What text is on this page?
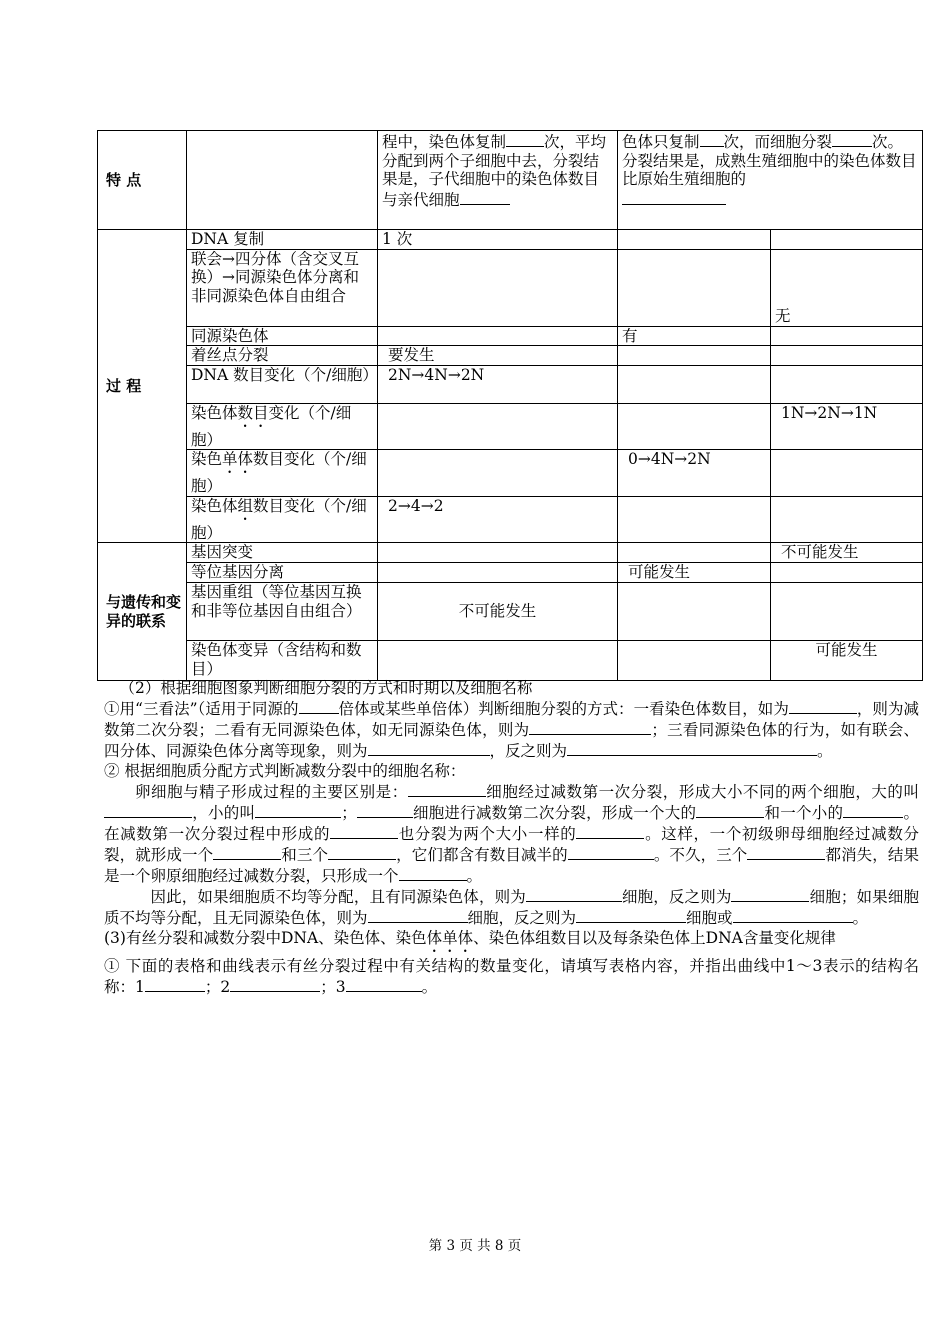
特 点		程中，染色体复制 次，平均分配到两个子细胞中去，分裂结果是，子代细胞中的染色体数目与亲代细胞	色体只复制 次，而细胞分裂 次。分裂结果是，成熟生殖细胞中的染色体数目比原始生殖细胞的	

过 程	DNA 复制	1 次		
	联会→四分体（含交叉互换）→同源染色体分离和非同源染色体自由组合			无
	同源染色体		有	
	着丝点分裂	要发生		
	DNA 数目变化（个/细胞）	2N→4N→2N		
	染色体数目变化（个/细胞）			1N→2N→1N
	染色单体数目变化（个/细胞）		0→4N→2N	
	染色体组数目变化（个/细胞）	2→4→2		
与遗传和变异的联系	基因突变			不可能发生
	等位基因分离		可能发生	
	基因重组（等位基因互换和非等位基因自由组合）	不可能发生		
	染色体变异（含结构和数目）			可能发生

（2）根据细胞图象判断细胞分裂的方式和时期以及细胞名称

①用“三看法”（适用于同源的	倍体或某些单倍体）判断细胞分裂的方式：一看染色体数目，如为	，则为减数第二次分裂；二看有无同源染色体，如无同源染色体，则为	；三看同源染色体的行为，如有联会、四分体、同源染色体分离等现象，则为	，反之则为	。

② 根据细胞质分配方式判断减数分裂中的细胞名称：

卵细胞与精子形成过程的主要区别是：	细胞经过减数第一次分裂，形成大小不同的两个细胞，大的叫，小的叫	；	细胞进行减数第二次分裂，形成一个大的	和一个小的	。在减数第一次分裂过程中形成的	也分裂为两个大小一样的	。这样，一个初级卵母细胞经过减数分裂，就形成一个	和三个	，它们都含有数目减半的	。不久，三个	都消失，结果是一个卵原细胞经过减数分裂，只形成一个	。

因此，如果细胞质不均等分配，且有同源染色体，则为	细胞，反之则为	细胞；如果细胞质不均等分配，且无同源染色体，则为	细胞，反之则为	细胞或	。

(3)有丝分裂和减数分裂中DNA、染色体、染色体单体、染色体组数目以及每条染色体上DNA含量变化规律

① 下面的表格和曲线表示有丝分裂过程中有关结构的数量变化，请填写表格内容，并指出曲线中1～3表示的结构名称：1	；2	；3	。

第 3 页 共 8 页
